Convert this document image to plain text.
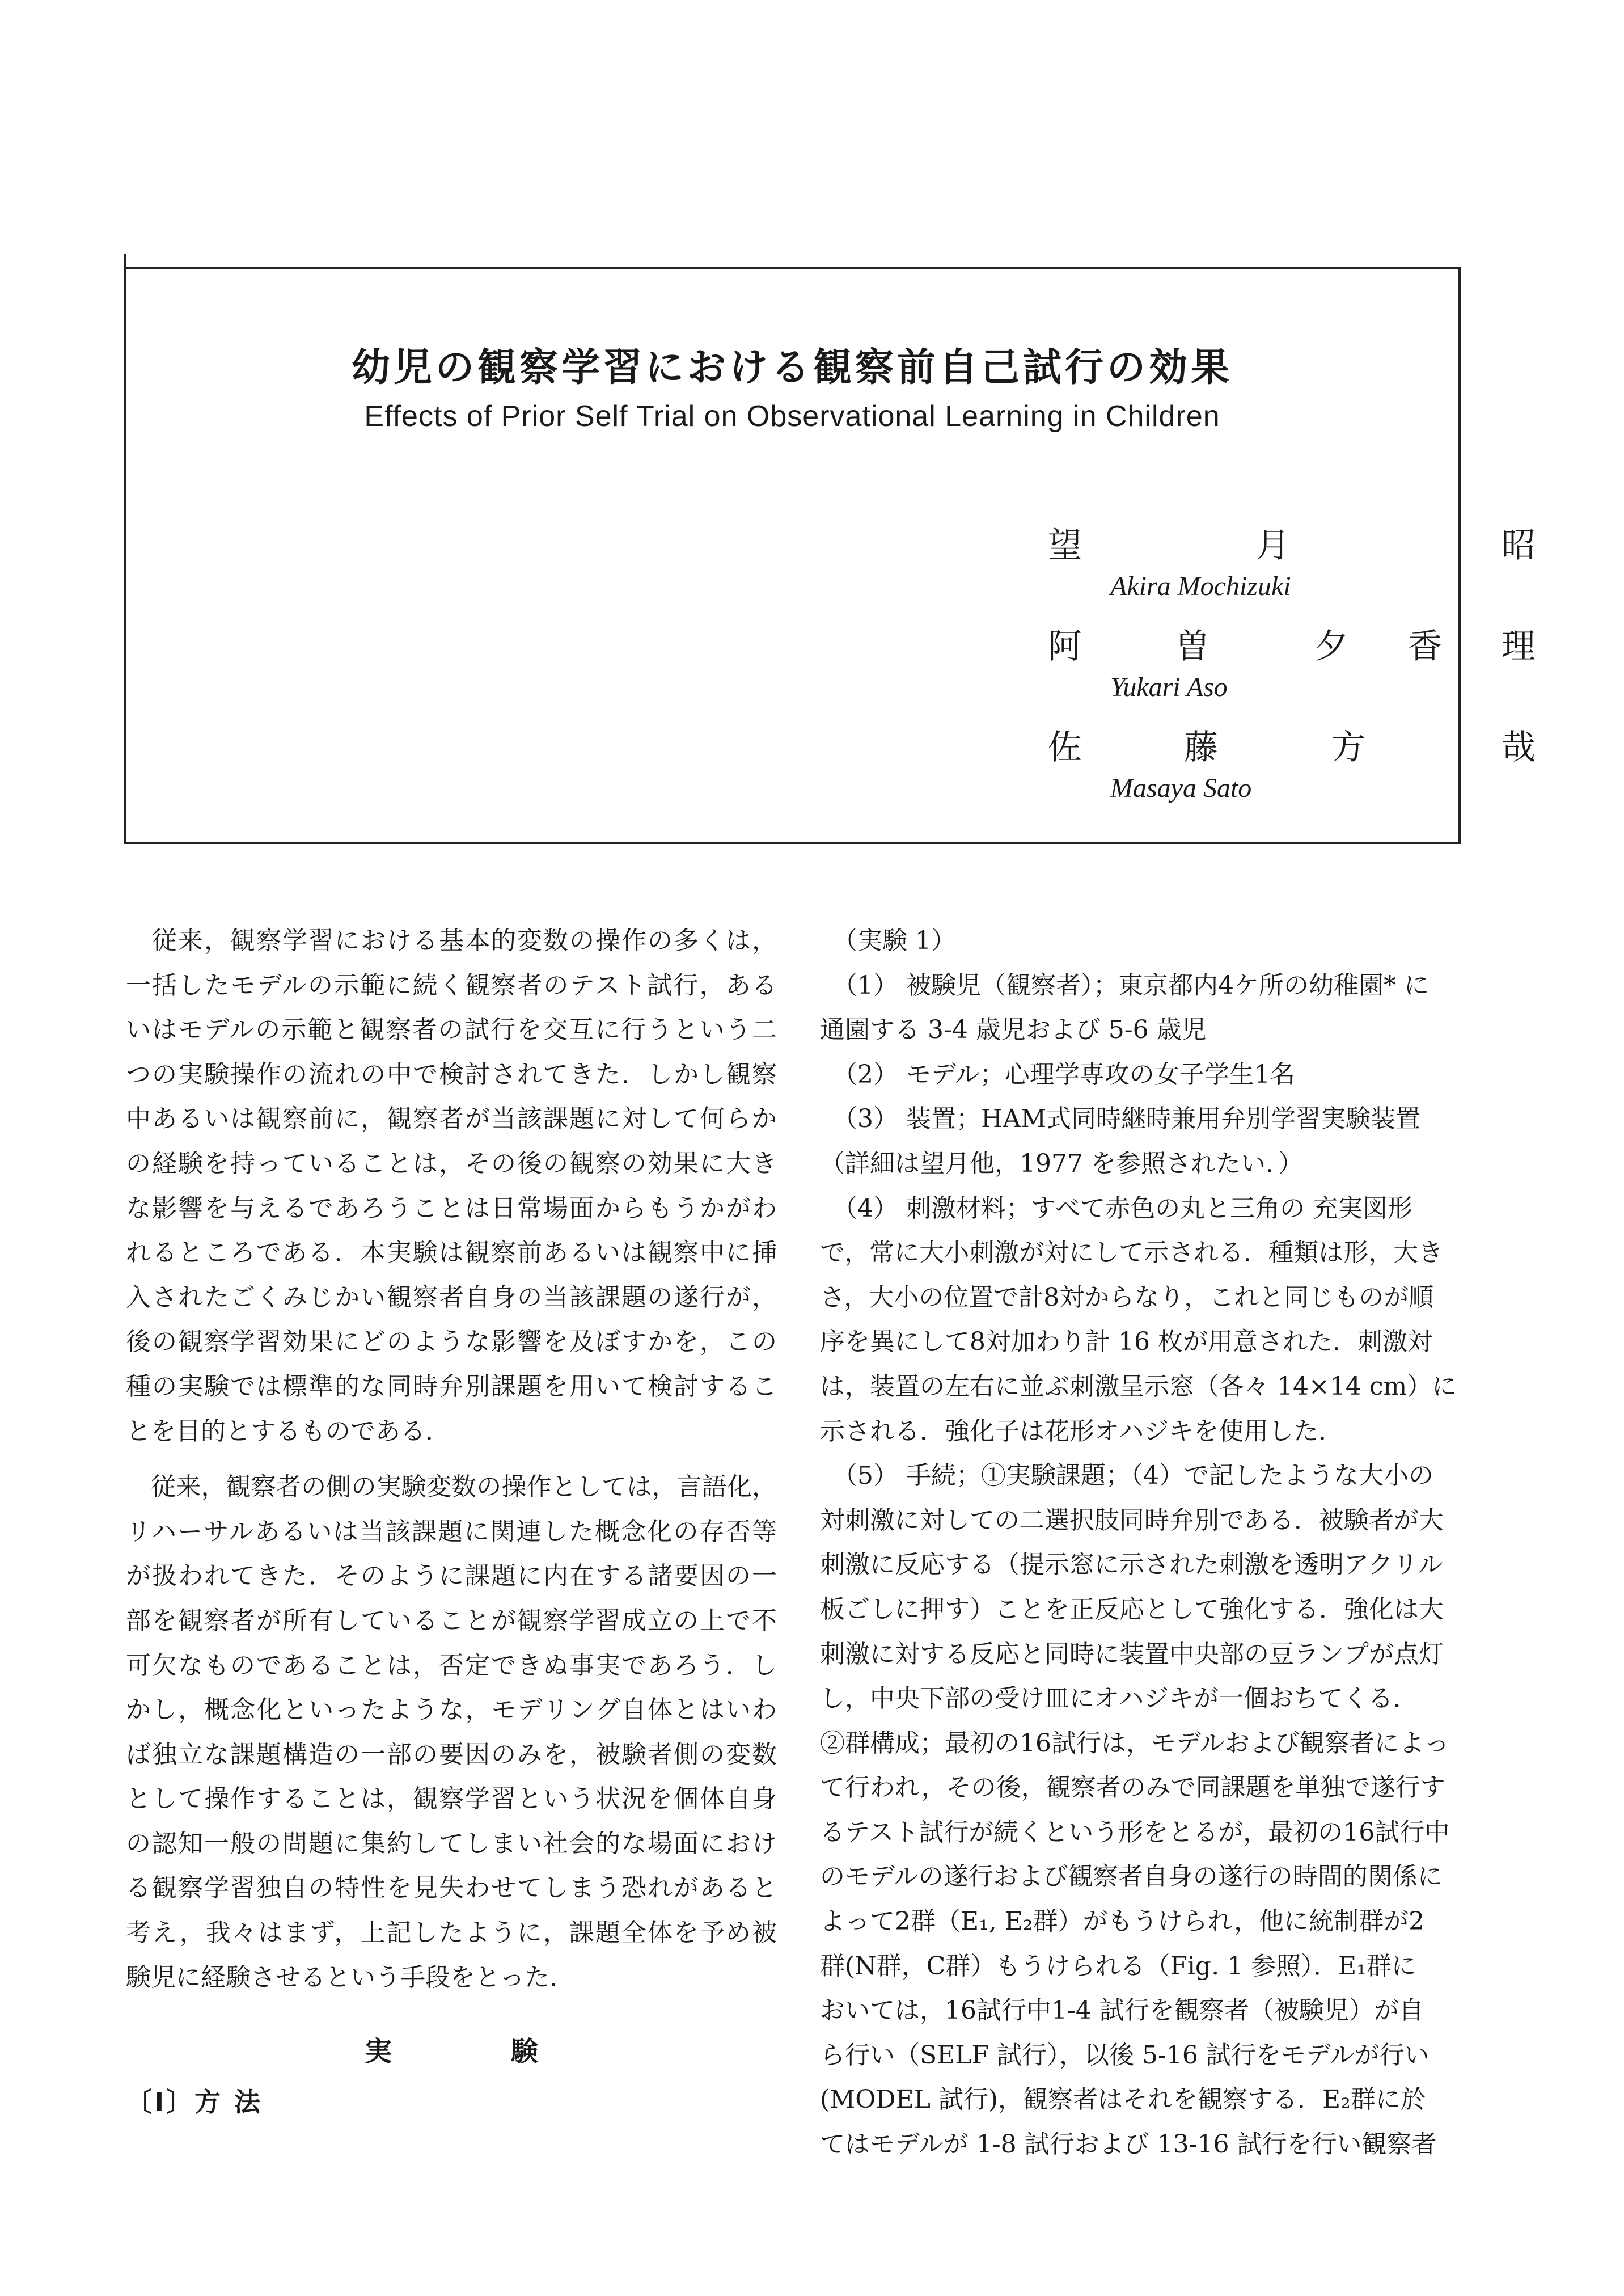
幼児の観察学習における観察前自己試行の効果
Effects of Prior Self Trial on Observational Learning in Children
望	月	昭
Akira Mochizuki
阿	曽	夕 香 理
Yukari Aso
佐	藤	方	哉
Masaya Sato
　従来，観察学習における基本的変数の操作の多くは，
一括したモデルの示範に続く観察者のテスト試行，ある
いはモデルの示範と観察者の試行を交互に行うという二
つの実験操作の流れの中で検討されてきた．しかし観察
中あるいは観察前に，観察者が当該課題に対して何らか
の経験を持っていることは，その後の観察の効果に大き
な影響を与えるであろうことは日常場面からもうかがわ
れるところである．本実験は観察前あるいは観察中に挿
入されたごくみじかい観察者自身の当該課題の遂行が，
後の観察学習効果にどのような影響を及ぼすかを，この
種の実験では標準的な同時弁別課題を用いて検討するこ
とを目的とするものである．
　従来，観察者の側の実験変数の操作としては，言語化，
リハーサルあるいは当該課題に関連した概念化の存否等
が扱われてきた．そのように課題に内在する諸要因の一
部を観察者が所有していることが観察学習成立の上で不
可欠なものであることは，否定できぬ事実であろう．し
かし，概念化といったような，モデリング自体とはいわ
ば独立な課題構造の一部の要因のみを，被験者側の変数
として操作することは，観察学習という状況を個体自身
の認知一般の問題に集約してしまい社会的な場面におけ
る観察学習独自の特性を見失わせてしまう恐れがあると
考え，我々はまず，上記したように，課題全体を予め被
験児に経験させるという手段をとった．
実験
〔I〕方 法
　（実験 1）
　（1） 被験児（観察者）；東京都内4ケ所の幼稚園* に
通園する 3-4 歳児および 5-6 歳児
　（2） モデル；心理学専攻の女子学生1名
　（3） 装置；HAM式同時継時兼用弁別学習実験装置
（詳細は望月他，1977 を参照されたい．）
　（4） 刺激材料；すべて赤色の丸と三角の 充実図形
で，常に大小刺激が対にして示される．種類は形，大き
さ，大小の位置で計8対からなり，これと同じものが順
序を異にして8対加わり計 16 枚が用意された．刺激対
は，装置の左右に並ぶ刺激呈示窓（各々 14×14 cm）に
示される．強化子は花形オハジキを使用した．
　（5） 手続；①実験課題；（4）で記したような大小の
対刺激に対しての二選択肢同時弁別である．被験者が大
刺激に反応する（提示窓に示された刺激を透明アクリル
板ごしに押す）ことを正反応として強化する．強化は大
刺激に対する反応と同時に装置中央部の豆ランプが点灯
し，中央下部の受け皿にオハジキが一個おちてくる．
②群構成；最初の16試行は，モデルおよび観察者によっ
て行われ，その後，観察者のみで同課題を単独で遂行す
るテスト試行が続くという形をとるが，最初の16試行中
のモデルの遂行および観察者自身の遂行の時間的関係に
よって2群（E₁, E₂群）がもうけられ，他に統制群が2
群(N群，C群）もうけられる（Fig. 1 参照）．E₁群に
おいては，16試行中1-4 試行を観察者（被験児）が自
ら行い（SELF 試行），以後 5-16 試行をモデルが行い
(MODEL 試行)，観察者はそれを観察する．E₂群に於
てはモデルが 1-8 試行および 13-16 試行を行い観察者
